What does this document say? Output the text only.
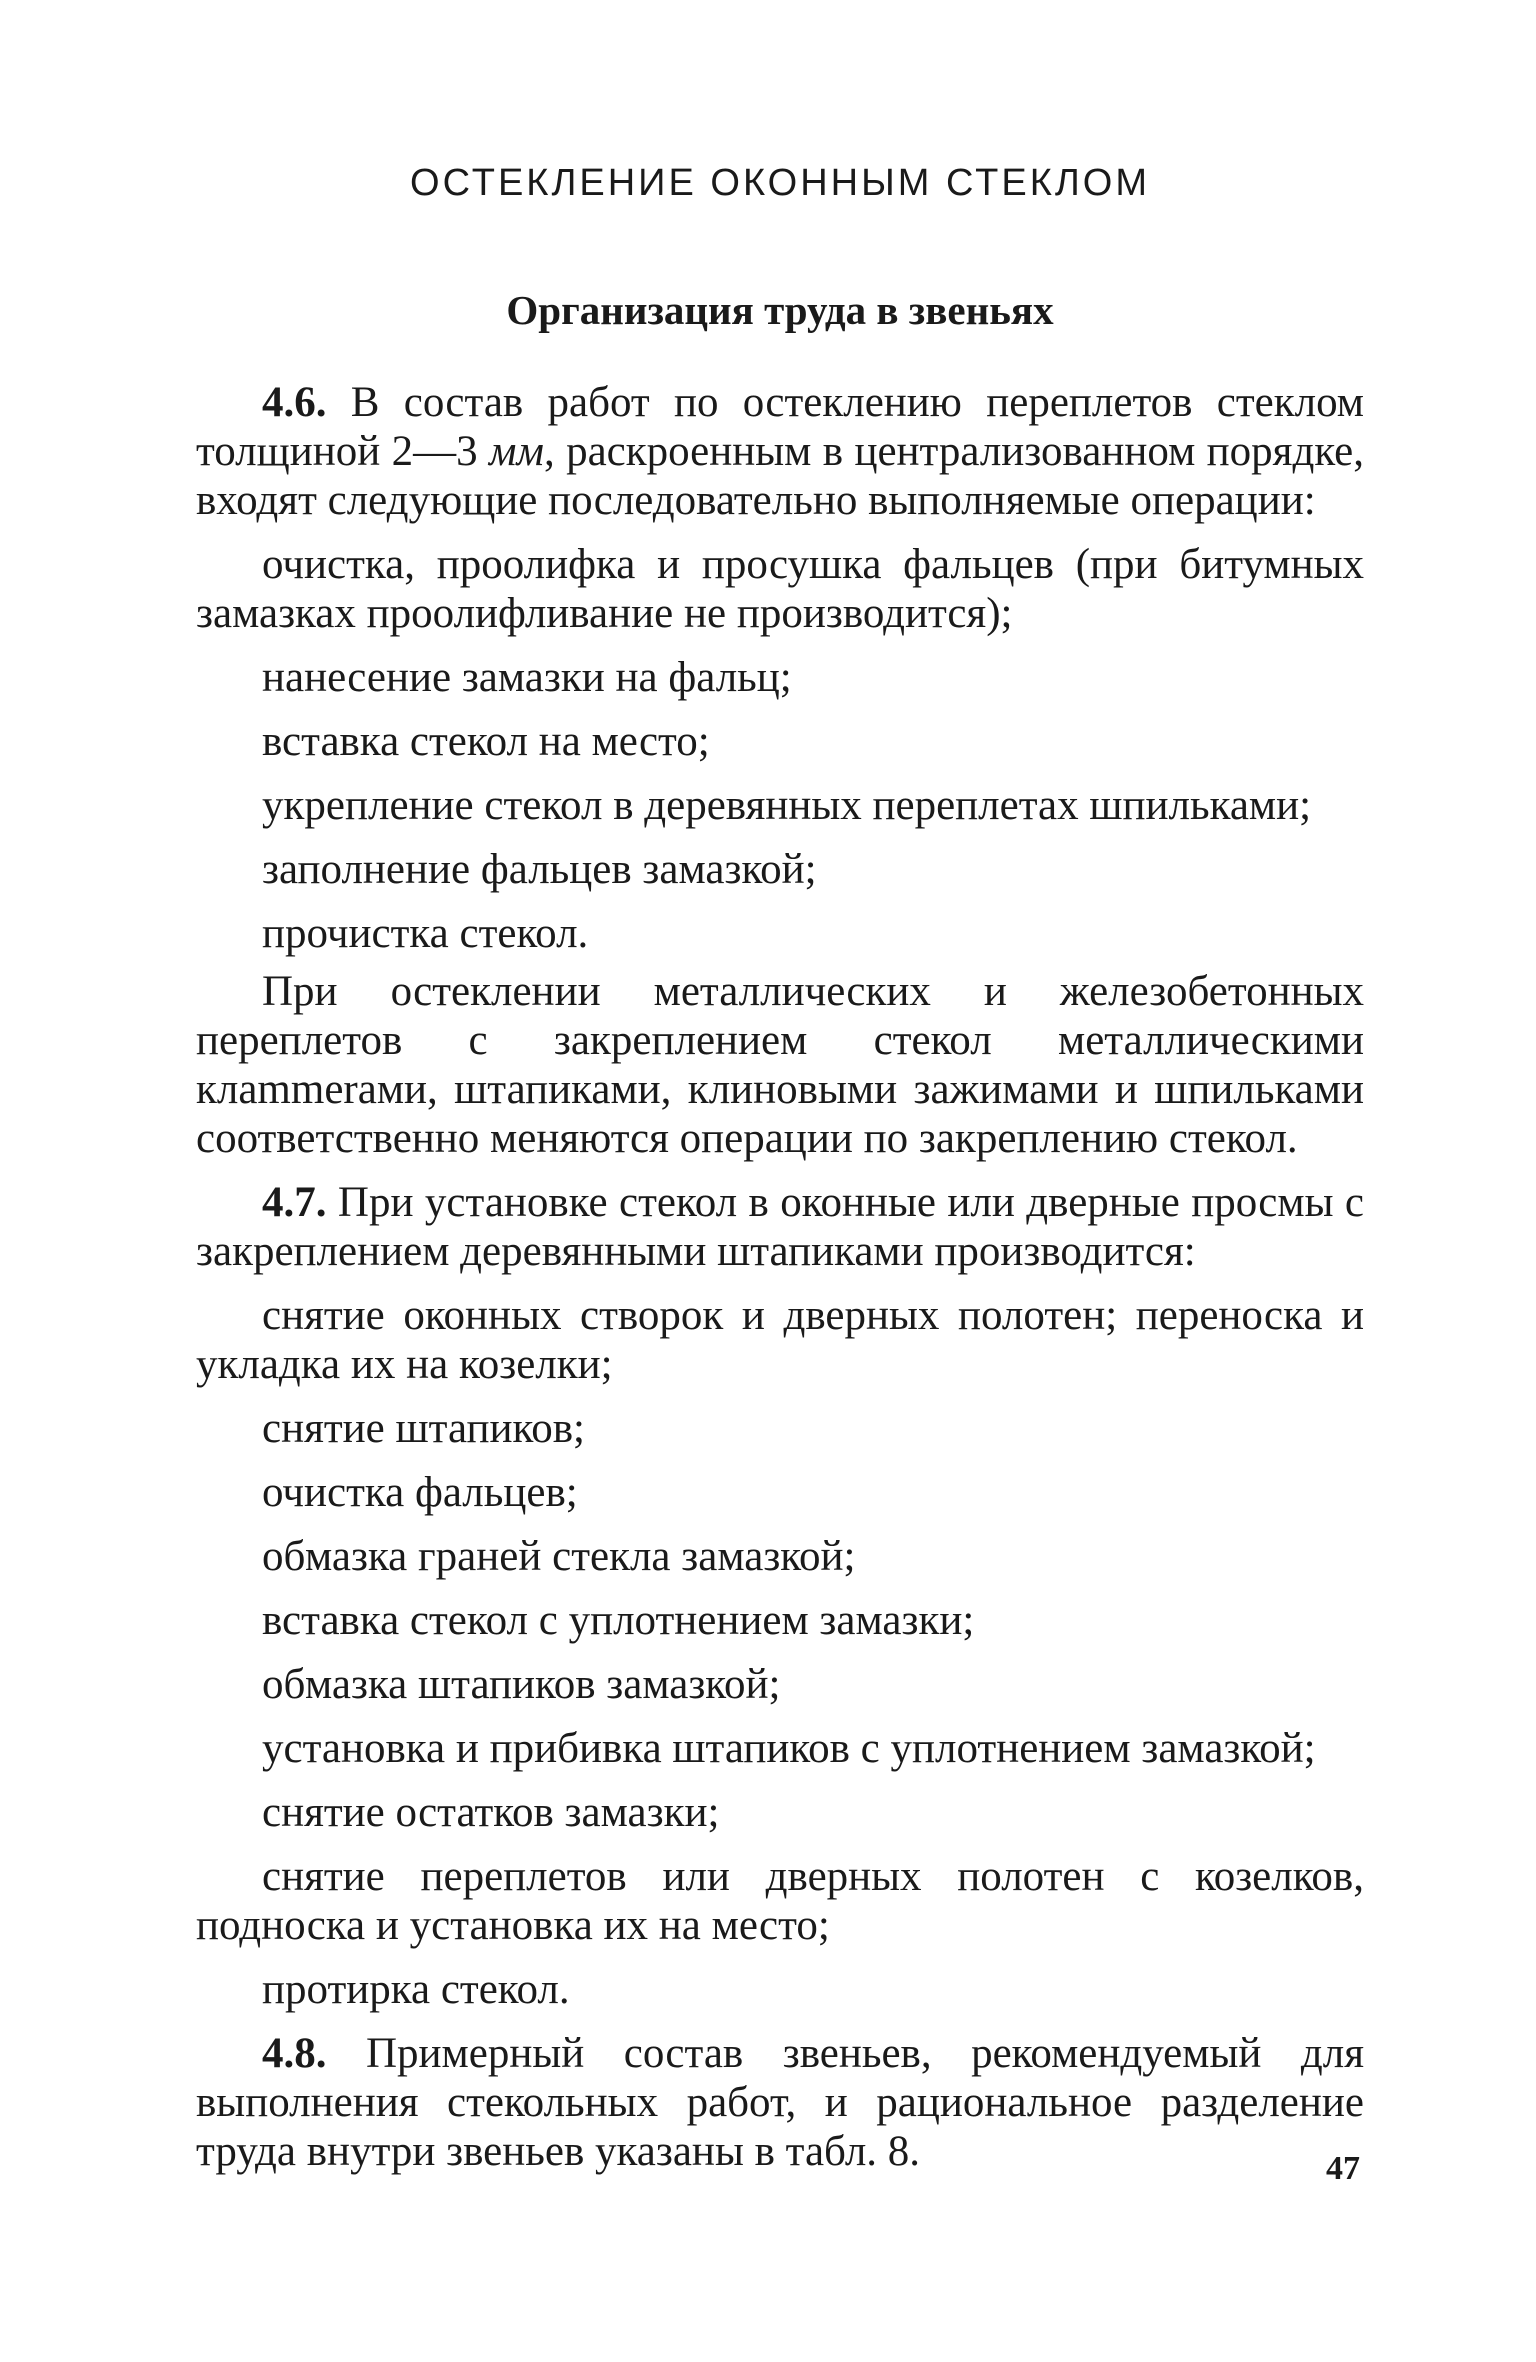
ОСТЕКЛЕНИЕ ОКОННЫМ СТЕКЛОМ
Организация труда в звеньях

4.6. В состав работ по остеклению переплетов стеклом толщиной 2—3 мм, раскроенным в централизованном порядке, входят следующие последовательно выполняемые операции:

очистка, проолифка и просушка фальцев (при битумных замазках проолифливание не производится);

нанесение замазки на фальц;

вставка стекол на место;

укрепление стекол в деревянных переплетах шпильками;

заполнение фальцев замазкой;

прочистка стекол.

При остеклении металлических и железобетонных переплетов с закреплением стекол металлическими клammerами, штапиками, клиновыми зажимами и шпильками соответственно меняются операции по закреплению стекол.

4.7. При установке стекол в оконные или дверные просмы с закреплением деревянными штапиками производится:

снятие оконных створок и дверных полотен; переноска и укладка их на козелки;

снятие штапиков;

очистка фальцев;

обмазка граней стекла замазкой;

вставка стекол с уплотнением замазки;

обмазка штапиков замазкой;

установка и прибивка штапиков с уплотнением замазкой;

снятие остатков замазки;

снятие переплетов или дверных полотен с козелков, подноска и установка их на место;

протирка стекол.

4.8. Примерный состав звеньев, рекомендуемый для выполнения стекольных работ, и рациональное разделение труда внутри звеньев указаны в табл. 8.	47
